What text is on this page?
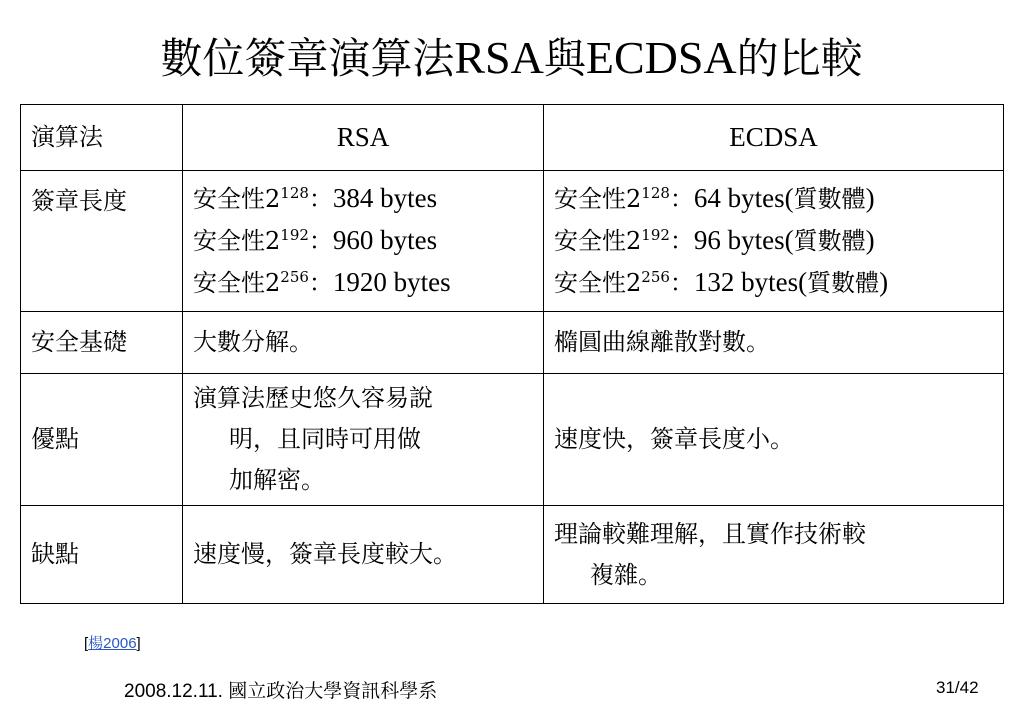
數位簽章演算法RSA與ECDSA的比較
演算法	RSA	ECDSA
簽章長度	安全性$2^{128}$：384 bytes
安全性$2^{192}$：960 bytes
安全性$2^{256}$：1920 bytes	安全性$2^{128}$：64 bytes(質數體)
安全性$2^{192}$：96 bytes(質數體)
安全性$2^{256}$：132 bytes(質數體)

安全基礎	大數分解。	橢圓曲線離散對數。
優點	演算法歷史悠久容易說
明，且同時可用做
加解密。	速度快，簽章長度小。
缺點	速度慢，簽章長度較大。	理論較難理解，且實作技術較
複雜。
[楊2006]
2008.12.11. 國立政治大學資訊科學系	31/42
